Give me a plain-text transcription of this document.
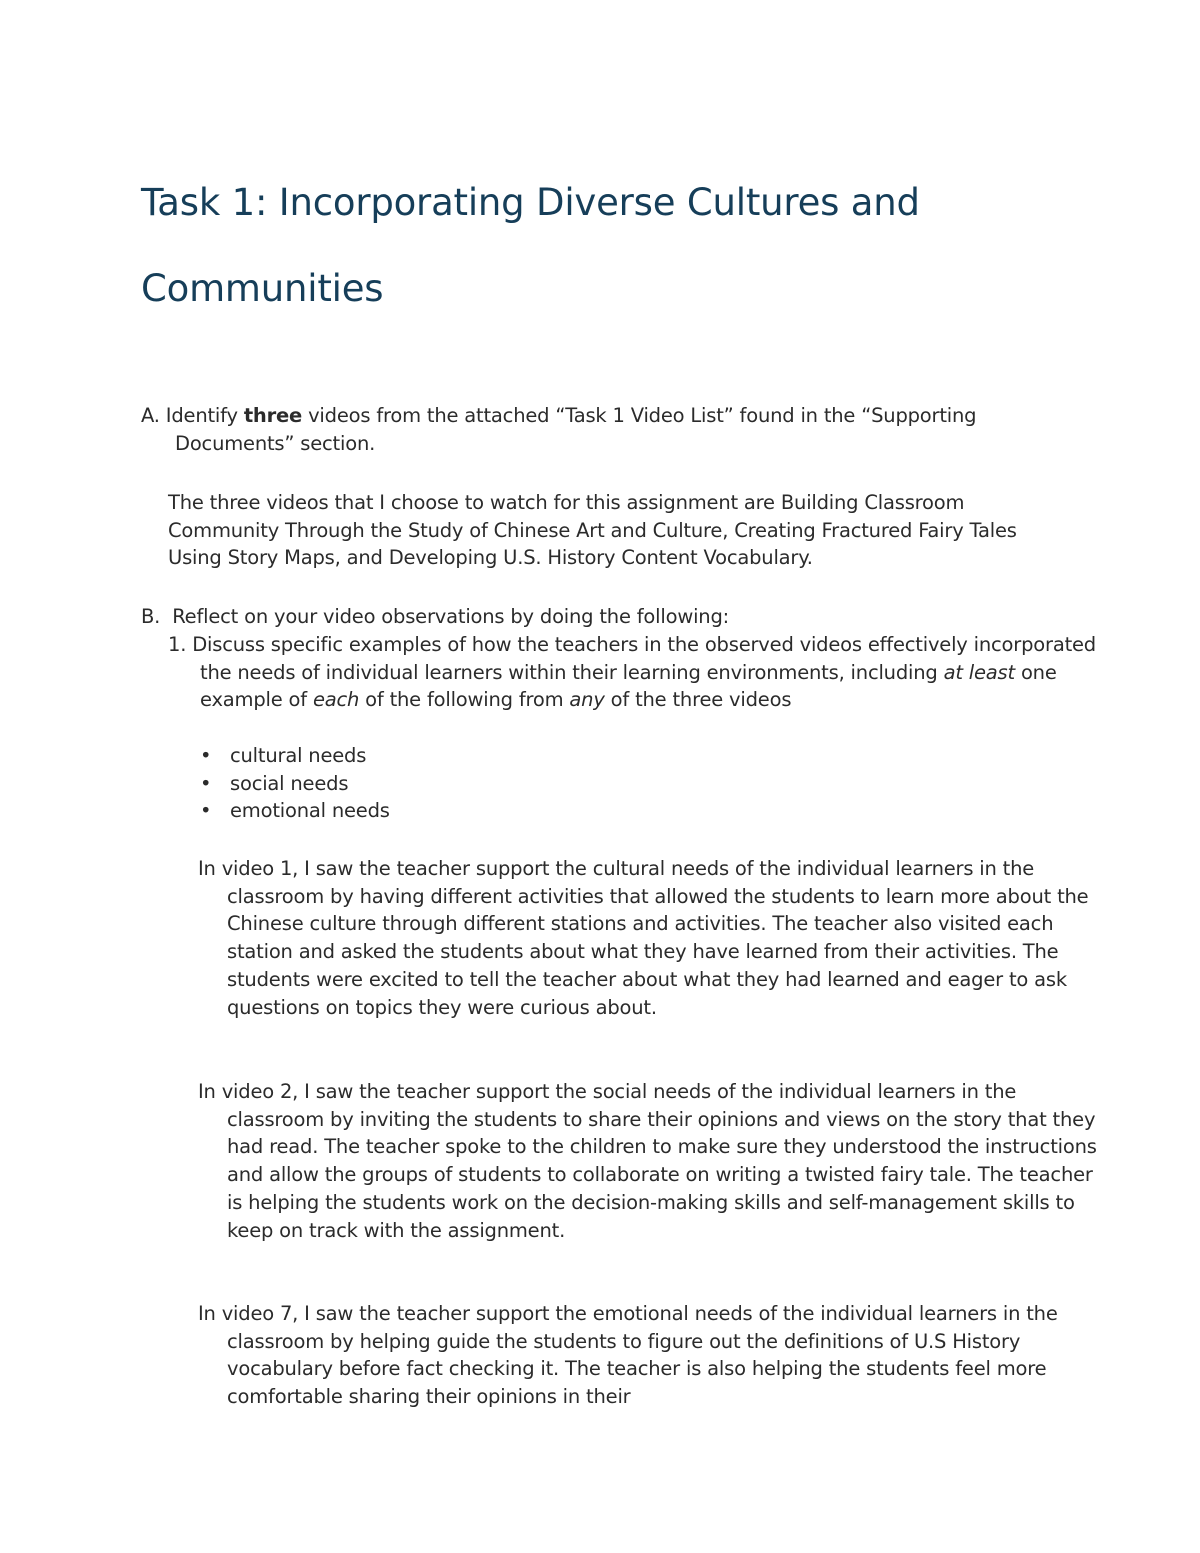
Task 1: Incorporating Diverse Cultures and
Communities

A. Identify three videos from the attached “Task 1 Video List” found in the “Supporting Documents” section.

The three videos that I choose to watch for this assignment are Building Classroom Community Through the Study of Chinese Art and Culture, Creating Fractured Fairy Tales Using Story Maps, and Developing U.S. History Content Vocabulary.

B. Reflect on your video observations by doing the following:

1. Discuss specific examples of how the teachers in the observed videos effectively incorporated the needs of individual learners within their learning environments, including at least one example of each of the following from any of the three videos

• cultural needs
• social needs
• emotional needs

In video 1, I saw the teacher support the cultural needs of the individual learners in the classroom by having different activities that allowed the students to learn more about the Chinese culture through different stations and activities. The teacher also visited each station and asked the students about what they have learned from their activities. The students were excited to tell the teacher about what they had learned and eager to ask questions on topics they were curious about.

In video 2, I saw the teacher support the social needs of the individual learners in the classroom by inviting the students to share their opinions and views on the story that they had read. The teacher spoke to the children to make sure they understood the instructions and allow the groups of students to collaborate on writing a twisted fairy tale. The teacher is helping the students work on the decision-making skills and self-management skills to keep on track with the assignment.

In video 7, I saw the teacher support the emotional needs of the individual learners in the classroom by helping guide the students to figure out the definitions of U.S History vocabulary before fact checking it. The teacher is also helping the students feel more comfortable sharing their opinions in their
